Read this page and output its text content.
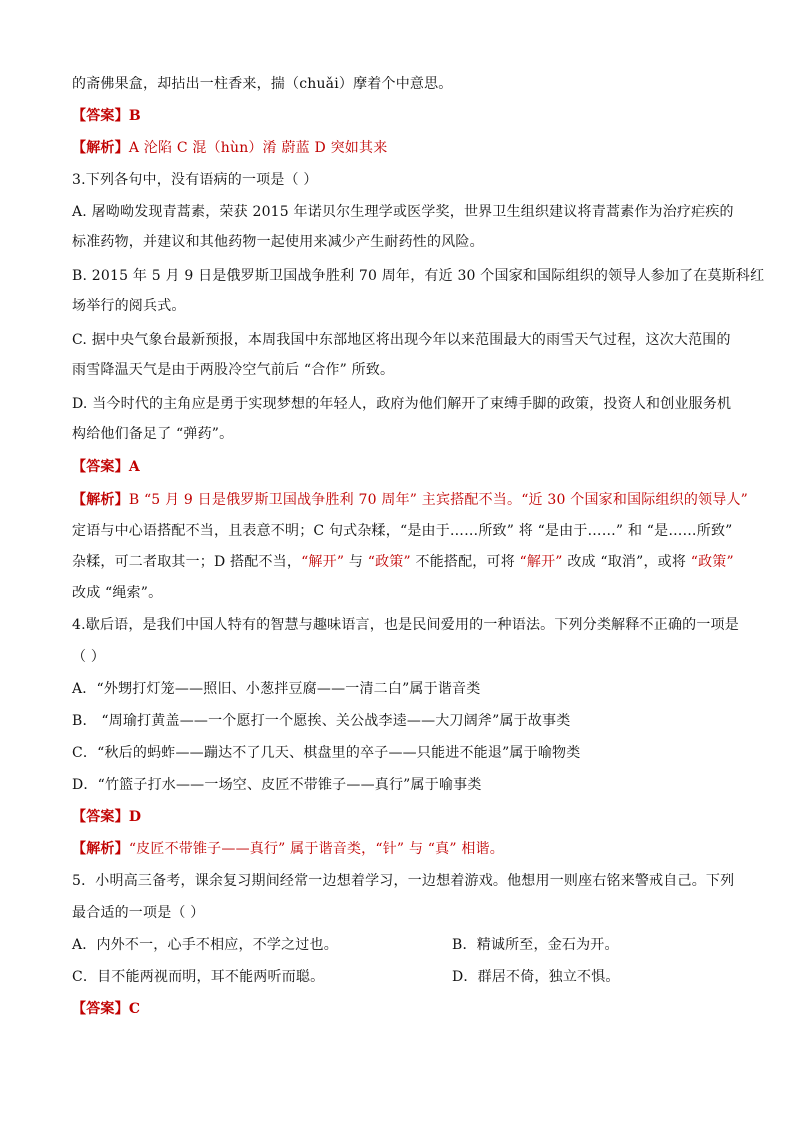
的斋佛果盒，却拈出一柱香来，揣（chuǎi）摩着个中意思。
【答案】B
【解析】A 沦陷 C 混（hùn）淆 蔚蓝 D 突如其来
3.下列各句中，没有语病的一项是（ ）
A. 屠呦呦发现青蒿素，荣获 2015 年诺贝尔生理学或医学奖，世界卫生组织建议将青蒿素作为治疗疟疾的
标准药物，并建议和其他药物一起使用来减少产生耐药性的风险。
B. 2015 年 5 月 9 日是俄罗斯卫国战争胜利 70 周年，有近 30 个国家和国际组织的领导人参加了在莫斯科红
场举行的阅兵式。
C. 据中央气象台最新预报，本周我国中东部地区将出现今年以来范围最大的雨雪天气过程，这次大范围的
雨雪降温天气是由于两股冷空气前后 “合作” 所致。
D. 当今时代的主角应是勇于实现梦想的年轻人，政府为他们解开了束缚手脚的政策，投资人和创业服务机
构给他们备足了 “弹药”。
【答案】A
【解析】B “5 月 9 日是俄罗斯卫国战争胜利 70 周年” 主宾搭配不当。“近 30 个国家和国际组织的领导人”
定语与中心语搭配不当，且表意不明；C 句式杂糅，“是由于……所致” 将 “是由于……” 和 “是……所致”
杂糅，可二者取其一；D 搭配不当，“解开” 与 “政策” 不能搭配，可将 “解开” 改成 “取消”，或将 “政策”
改成 “绳索”。
4.歇后语，是我们中国人特有的智慧与趣味语言，也是民间爱用的一种语法。下列分类解释不正确的一项是
（ ）
A．“外甥打灯笼——照旧、小葱拌豆腐——一清二白”属于谐音类
B． “周瑜打黄盖——一个愿打一个愿挨、关公战李逵——大刀阔斧”属于故事类
C．“秋后的蚂蚱——蹦达不了几天、棋盘里的卒子——只能进不能退”属于喻物类
D．“竹篮子打水——一场空、皮匠不带锥子——真行”属于喻事类
【答案】D
【解析】“皮匠不带锥子——真行” 属于谐音类，“针” 与 “真” 相谐。
5．小明高三备考，课余复习期间经常一边想着学习，一边想着游戏。他想用一则座右铭来警戒自己。下列
最合适的一项是（ ）
A．内外不一，心手不相应，不学之过也。	B．精诚所至，金石为开。
C．目不能两视而明，耳不能两听而聪。	D．群居不倚，独立不惧。
【答案】C
